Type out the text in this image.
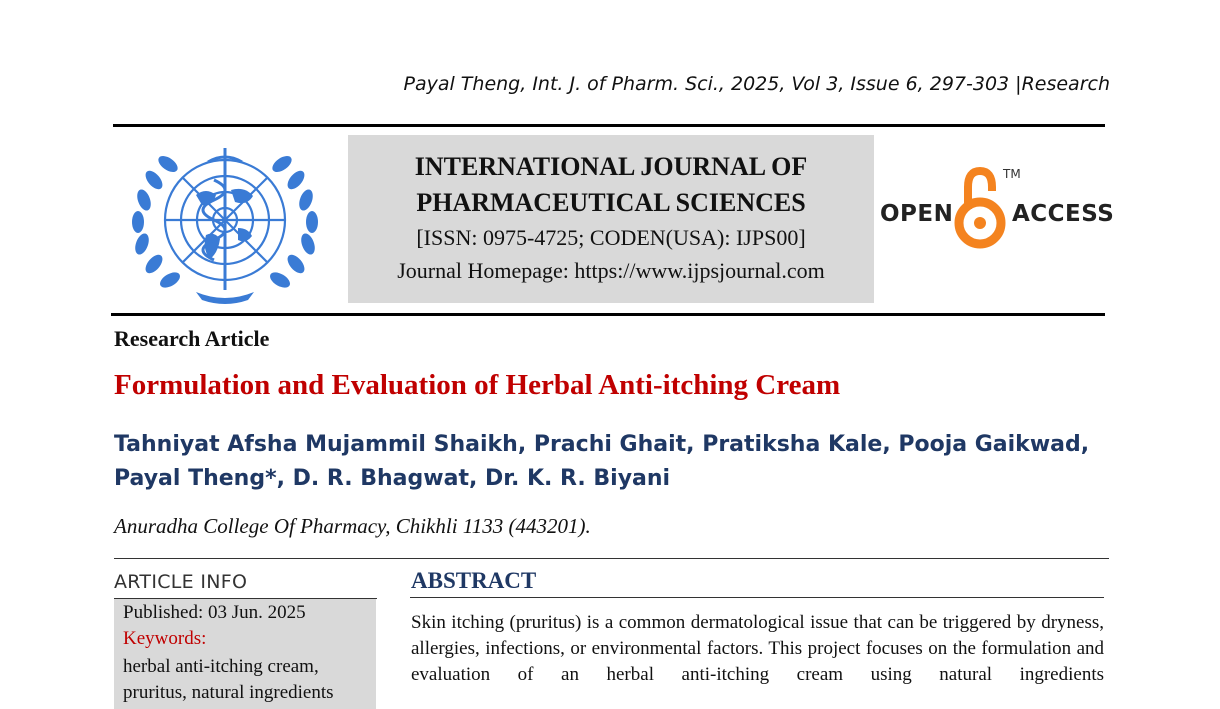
Payal Theng, Int. J. of Pharm. Sci., 2025, Vol 3, Issue 6, 297-303 |Research
INTERNATIONAL JOURNAL OF
PHARMACEUTICAL SCIENCES
[ISSN: 0975-4725; CODEN(USA): IJPS00]
Journal Homepage: https://www.ijpsjournal.com
OPEN	ACCESS
TM
Research Article
Formulation and Evaluation of Herbal Anti-itching Cream
Tahniyat Afsha Mujammil Shaikh, Prachi Ghait, Pratiksha Kale, Pooja Gaikwad,
Payal Theng*, D. R. Bhagwat, Dr. K. R. Biyani
Anuradha College Of Pharmacy, Chikhli 1133 (443201).
ARTICLE INFO
Published: 03 Jun. 2025
Keywords:
herbal anti-itching cream, pruritus, natural ingredients
ABSTRACT
Skin itching (pruritus) is a common dermatological issue that can be triggered by dryness, allergies, infections, or environmental factors. This project focuses on the formulation and evaluation of an herbal anti-itching cream using natural ingredients
